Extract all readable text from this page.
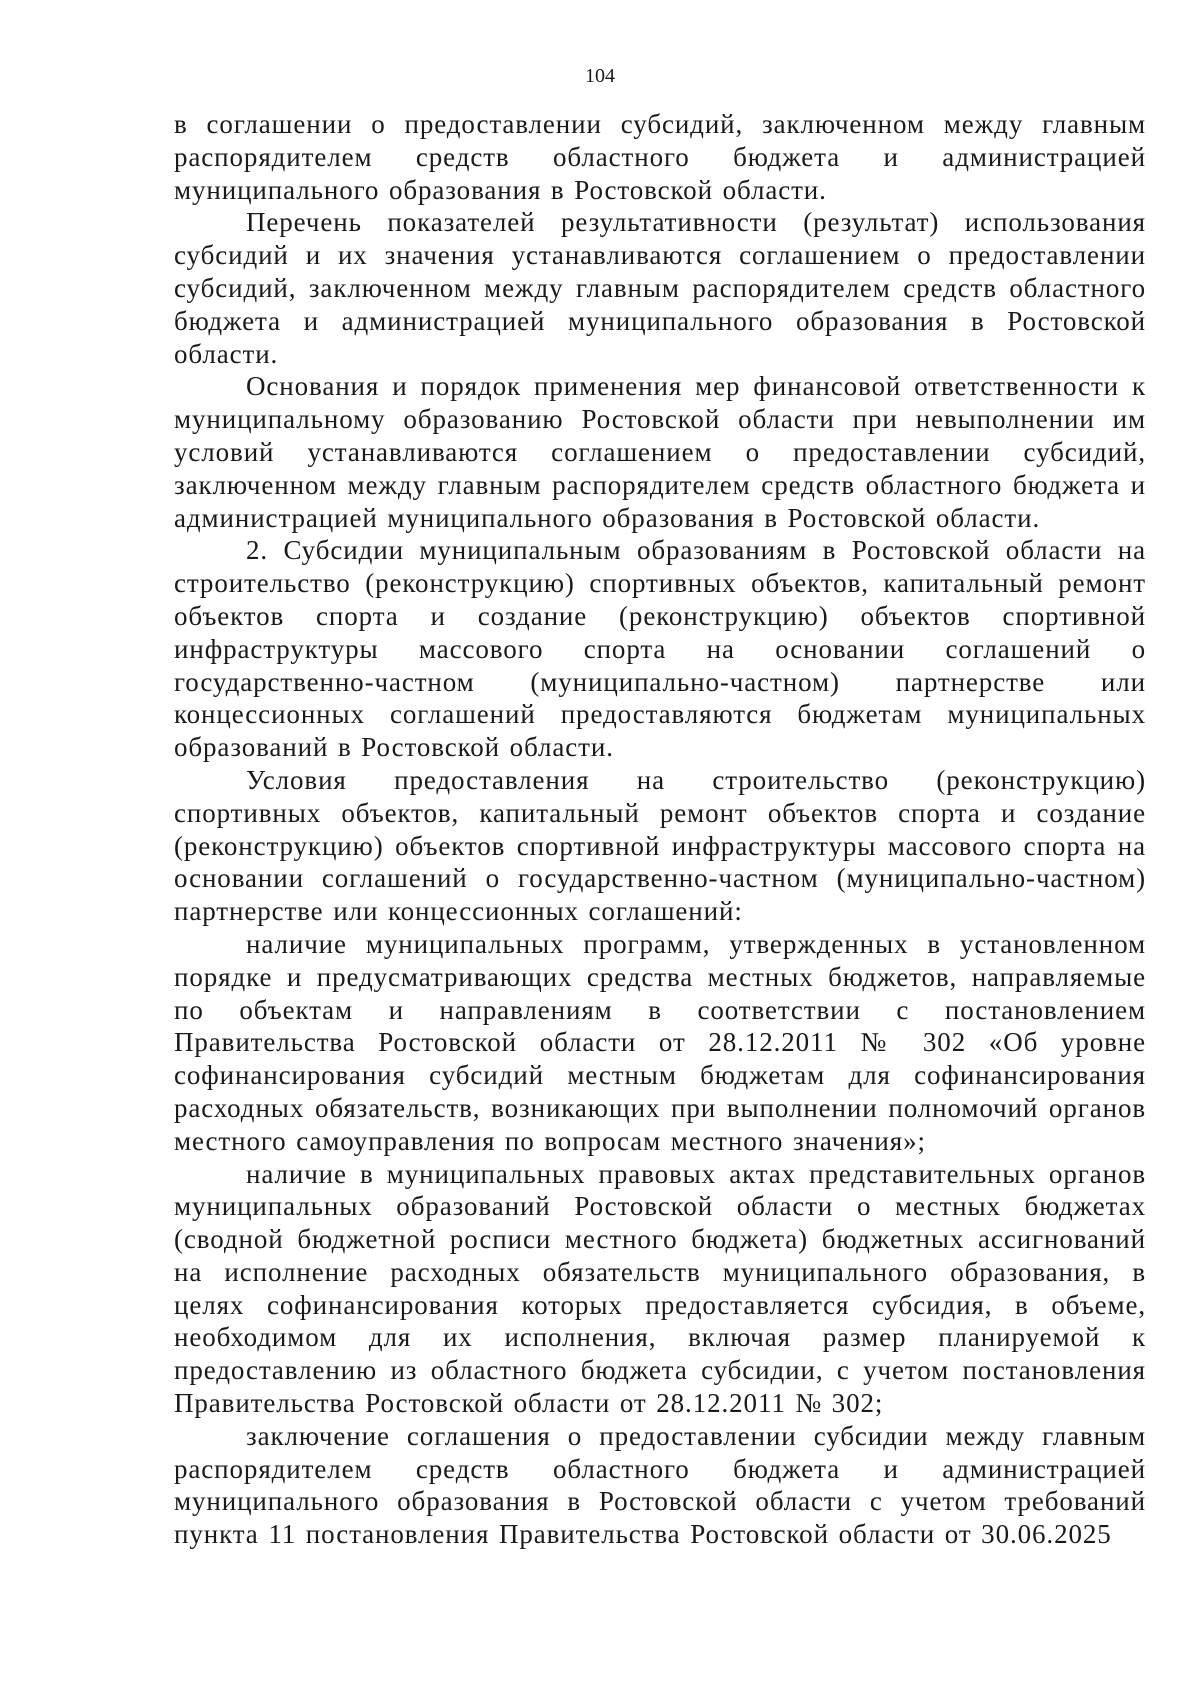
104

в соглашении о предоставлении субсидий, заключенном между главным распорядителем средств областного бюджета и администрацией муниципального образования в Ростовской области.

Перечень показателей результативности (результат) использования субсидий и их значения устанавливаются соглашением о предоставлении субсидий, заключенном между главным распорядителем средств областного бюджета и администрацией муниципального образования в Ростовской области.

Основания и порядок применения мер финансовой ответственности к муниципальному образованию Ростовской области при невыполнении им условий устанавливаются соглашением о предоставлении субсидий, заключенном между главным распорядителем средств областного бюджета и администрацией муниципального образования в Ростовской области.

2. Субсидии муниципальным образованиям в Ростовской области на строительство (реконструкцию) спортивных объектов, капитальный ремонт объектов спорта и создание (реконструкцию) объектов спортивной инфраструктуры массового спорта на основании соглашений о государственно-частном (муниципально-частном) партнерстве или концессионных соглашений предоставляются бюджетам муниципальных образований в Ростовской области.

Условия предоставления на строительство (реконструкцию) спортивных объектов, капитальный ремонт объектов спорта и создание (реконструкцию) объектов спортивной инфраструктуры массового спорта на основании соглашений о государственно-частном (муниципально-частном) партнерстве или концессионных соглашений:

наличие муниципальных программ, утвержденных в установленном порядке и предусматривающих средства местных бюджетов, направляемые по объектам и направлениям в соответствии с постановлением Правительства Ростовской области от 28.12.2011 № 302 «Об уровне софинансирования субсидий местным бюджетам для софинансирования расходных обязательств, возникающих при выполнении полномочий органов местного самоуправления по вопросам местного значения»;

наличие в муниципальных правовых актах представительных органов муниципальных образований Ростовской области о местных бюджетах (сводной бюджетной росписи местного бюджета) бюджетных ассигнований на исполнение расходных обязательств муниципального образования, в целях софинансирования которых предоставляется субсидия, в объеме, необходимом для их исполнения, включая размер планируемой к предоставлению из областного бюджета субсидии, с учетом постановления Правительства Ростовской области от 28.12.2011 № 302;

заключение соглашения о предоставлении субсидии между главным распорядителем средств областного бюджета и администрацией муниципального образования в Ростовской области с учетом требований пункта 11 постановления Правительства Ростовской области от 30.06.2025
